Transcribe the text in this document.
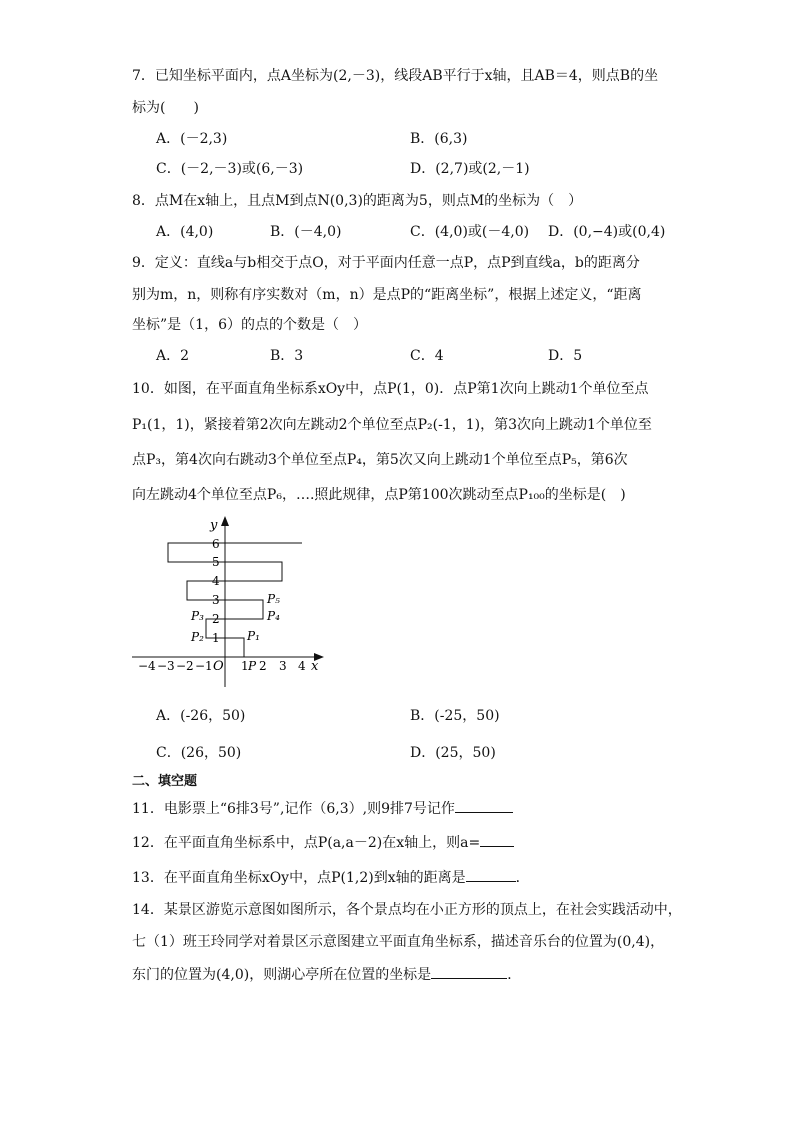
7．已知坐标平面内，点A坐标为(2,－3)，线段AB平行于x轴，且AB＝4，则点B的坐
标为(　　)
A．(－2,3)	B．(6,3)
C．(－2,－3)或(6,－3)	D．(2,7)或(2,－1)
8．点M在x轴上，且点M到点N(0,3)的距离为5，则点M的坐标为（　）
A．(4,0)	B．(－4,0)	C．(4,0)或(－4,0) D．(0,−4)或(0,4)
9．定义：直线a与b相交于点O，对于平面内任意一点P，点P到直线a，b的距离分
别为m，n，则称有序实数对（m，n）是点P的“距离坐标”，根据上述定义，“距离
坐标”是（1，6）的点的个数是（　）
A．2	B．3	C．4	D．5
10．如图，在平面直角坐标系xOy中，点P(1，0)．点P第1次向上跳动1个单位至点
P₁(1，1)，紧接着第2次向左跳动2个单位至点P₂(-1，1)，第3次向上跳动1个单位至
点P₃，第4次向右跳动3个单位至点P₄，第5次又向上跳动1个单位至点P₅，第6次
向左跳动4个单位至点P₆，….照此规律，点P第100次跳动至点P₁₀₀的坐标是(　)
y
x
O
−4 −3 −2 −1 1 P 2 3 4
1
2
3
4
5
6
P₁
P₂
P₃	P₄
P₅
A．(-26，50)	B．(-25，50)
C．(26，50)	D．(25，50)
二、填空题
11．电影票上“6排3号”,记作（6,3）,则9排7号记作
12．在平面直角坐标系中，点P(a,a－2)在x轴上，则a=
13．在平面直角坐标xOy中，点P(1,2)到x轴的距离是	．
14．某景区游览示意图如图所示，各个景点均在小正方形的顶点上，在社会实践活动中，
七（1）班王玲同学对着景区示意图建立平面直角坐标系，描述音乐台的位置为(0,4)，
东门的位置为(4,0)，则湖心亭所在位置的坐标是	．
